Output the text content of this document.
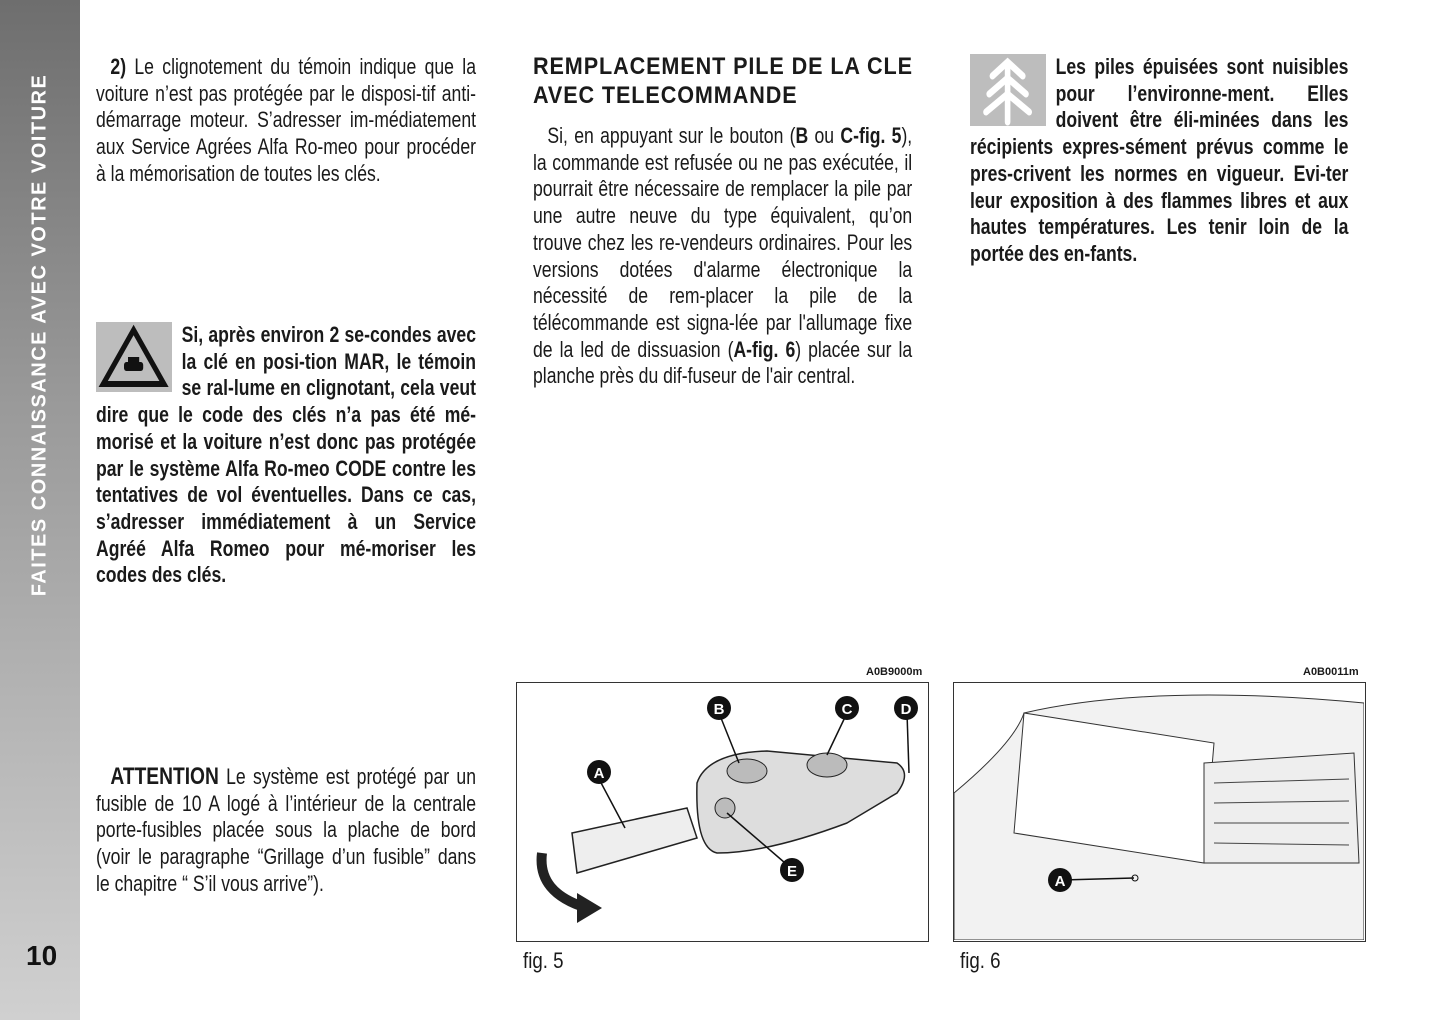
FAITES CONNAISSANCE AVEC VOTRE VOITURE
10
2) Le clignotement du témoin indique que la voiture n’est pas protégée par le disposi-tif anti-démarrage moteur. S’adresser im-médiatement aux Service Agrées Alfa Ro-meo pour procéder à la mémorisation de toutes les clés.
Si, après environ 2 se-condes avec la clé en posi-tion MAR, le témoin se ral-lume en clignotant, cela veut dire que le code des clés n’a pas été mé-morisé et la voiture n’est donc pas protégée par le système Alfa Ro-meo CODE contre les tentatives de vol éventuelles. Dans ce cas, s’adresser immédiatement à un Service Agréé Alfa Romeo pour mé-moriser les codes des clés.
ATTENTION Le système est protégé par un fusible de 10 A logé à l’intérieur de la centrale porte-fusibles placée sous la plache de bord (voir le paragraphe “Grillage d’un fusible” dans le chapitre “ S’il vous arrive”).
REMPLACEMENT PILE DE LA CLE AVEC TELECOMMANDE
Si, en appuyant sur le bouton (B ou C-fig. 5), la commande est refusée ou ne pas exécutée, il pourrait être nécessaire de remplacer la pile par une autre neuve du type équivalent, qu’on trouve chez les re-vendeurs ordinaires. Pour les versions dotées d'alarme électronique la nécessité de rem-placer la pile de la télécommande est signa-lée par l'allumage fixe de la led de dissuasion (A-fig. 6) placée sur la planche près du dif-fuseur de l'air central.
Les piles épuisées sont nuisibles pour l’environne-ment. Elles doivent être éli-minées dans les récipients expres-sément prévus comme le pres-crivent les normes en vigueur. Evi-ter leur exposition à des flammes libres et aux hautes températures. Les tenir loin de la portée des en-fants.
A0B9000m
A
B	C	D
E
fig. 5
A0B0011m
A
fig. 6
